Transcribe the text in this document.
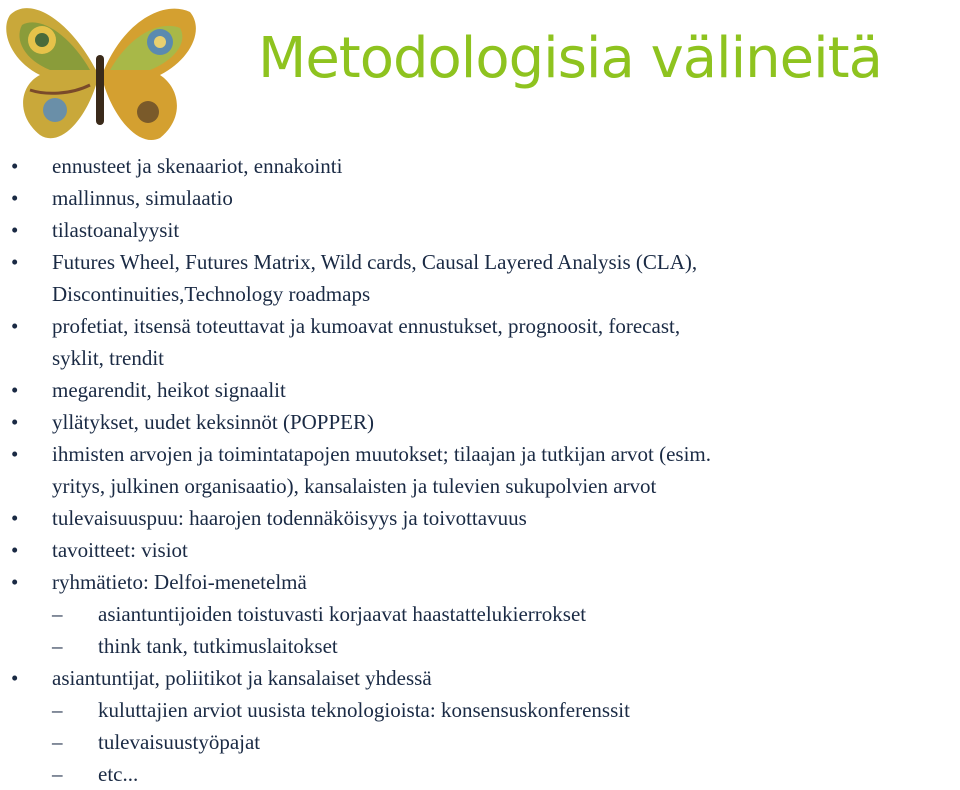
Metodologisia välineitä
• ennusteet ja skenaariot, ennakointi
• mallinnus, simulaatio
• tilastoanalyysit
• Futures Wheel, Futures Matrix, Wild cards, Causal Layered Analysis (CLA),
Discontinuities,Technology roadmaps
• profetiat, itsensä toteuttavat ja kumoavat ennustukset, prognoosit, forecast,
syklit, trendit
• megarendit, heikot signaalit
• yllätykset, uudet keksinnöt (POPPER)
• ihmisten arvojen ja toimintatapojen muutokset; tilaajan ja tutkijan arvot (esim.
yritys, julkinen organisaatio), kansalaisten ja tulevien sukupolvien arvot
• tulevaisuuspuu: haarojen todennäköisyys ja toivottavuus
• tavoitteet: visiot
• ryhmätieto: Delfoi-menetelmä
– asiantuntijoiden toistuvasti korjaavat haastattelukierrokset
– think tank, tutkimuslaitokset
• asiantuntijat, poliitikot ja kansalaiset yhdessä
– kuluttajien arviot uusista teknologioista: konsensuskonferenssit
– tulevaisuustyöpajat
– etc...
